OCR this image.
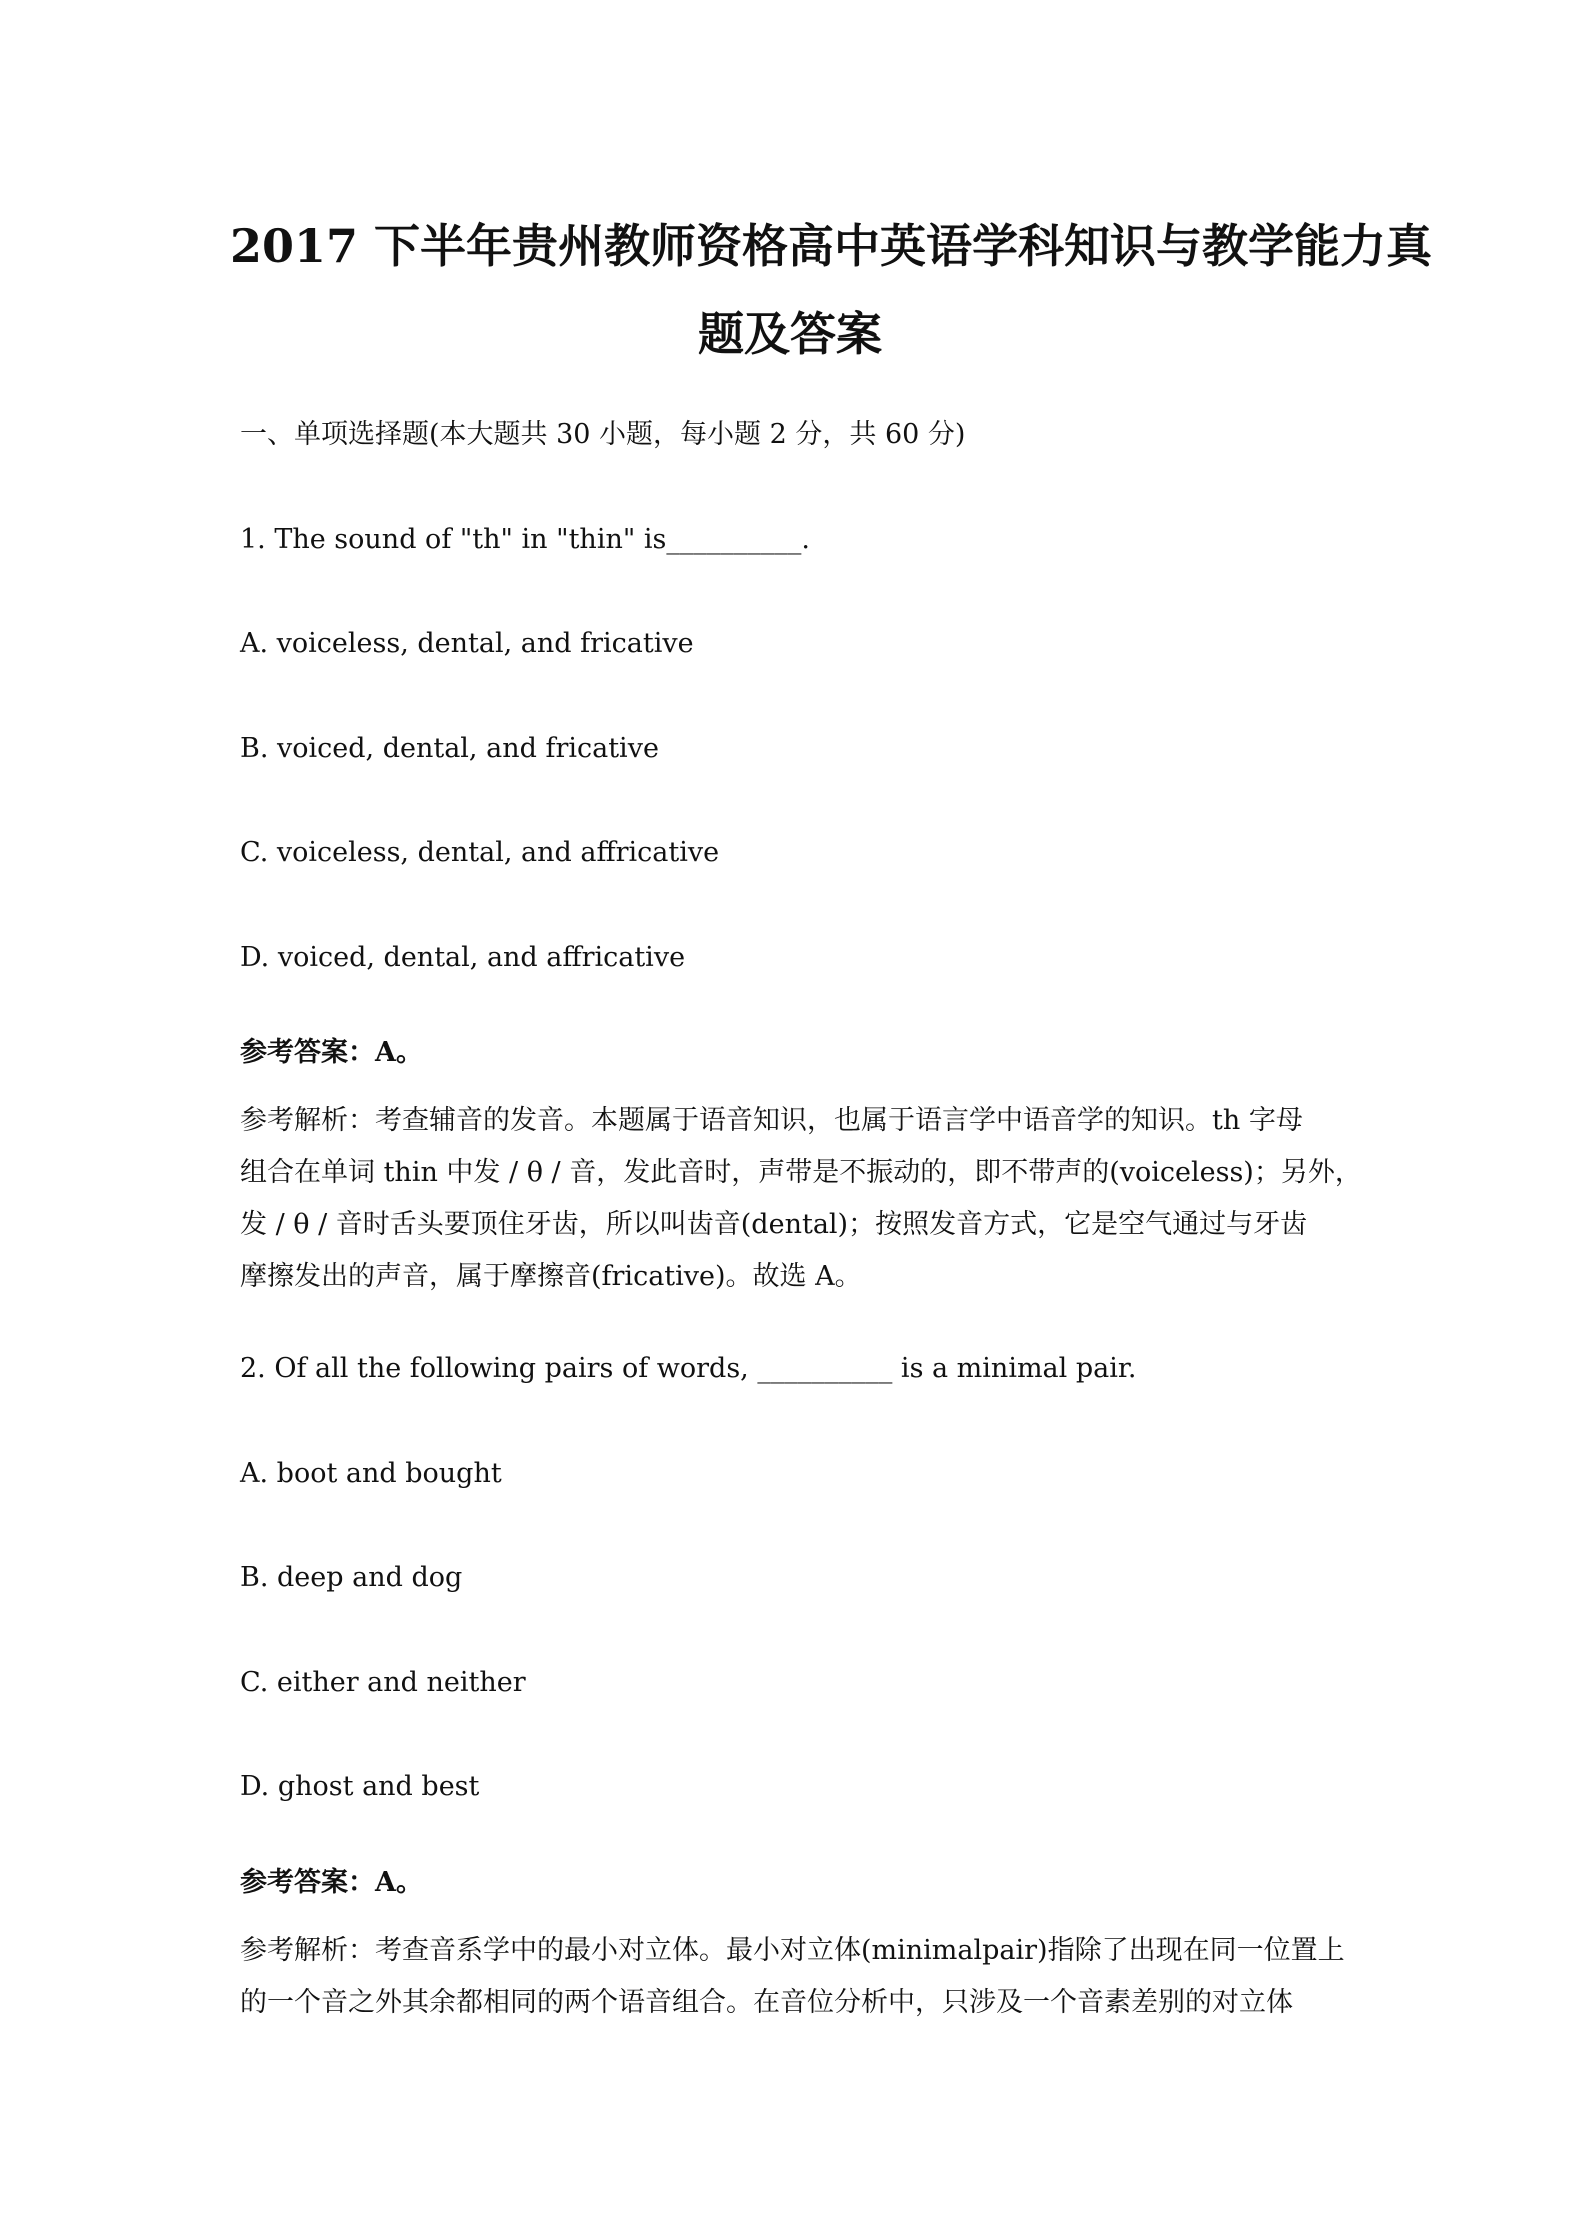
2017 下半年贵州教师资格高中英语学科知识与教学能力真
题及答案
一、单项选择题(本大题共 30 小题，每小题 2 分，共 60 分)
1. The sound of "th" in "thin" is__________.
A. voiceless, dental, and fricative
B. voiced, dental, and fricative
C. voiceless, dental, and affricative
D. voiced, dental, and affricative
参考答案：A。
参考解析：考查辅音的发音。本题属于语音知识，也属于语言学中语音学的知识。th 字母
组合在单词 thin 中发 / θ / 音，发此音时，声带是不振动的，即不带声的(voiceless)；另外，
发 / θ / 音时舌头要顶住牙齿，所以叫齿音(dental)；按照发音方式，它是空气通过与牙齿
摩擦发出的声音，属于摩擦音(fricative)。故选 A。
2. Of all the following pairs of words, __________ is a minimal pair.
A. boot and bought
B. deep and dog
C. either and neither
D. ghost and best
参考答案：A。
参考解析：考查音系学中的最小对立体。最小对立体(minimalpair)指除了出现在同一位置上
的一个音之外其余都相同的两个语音组合。在音位分析中，只涉及一个音素差别的对立体
